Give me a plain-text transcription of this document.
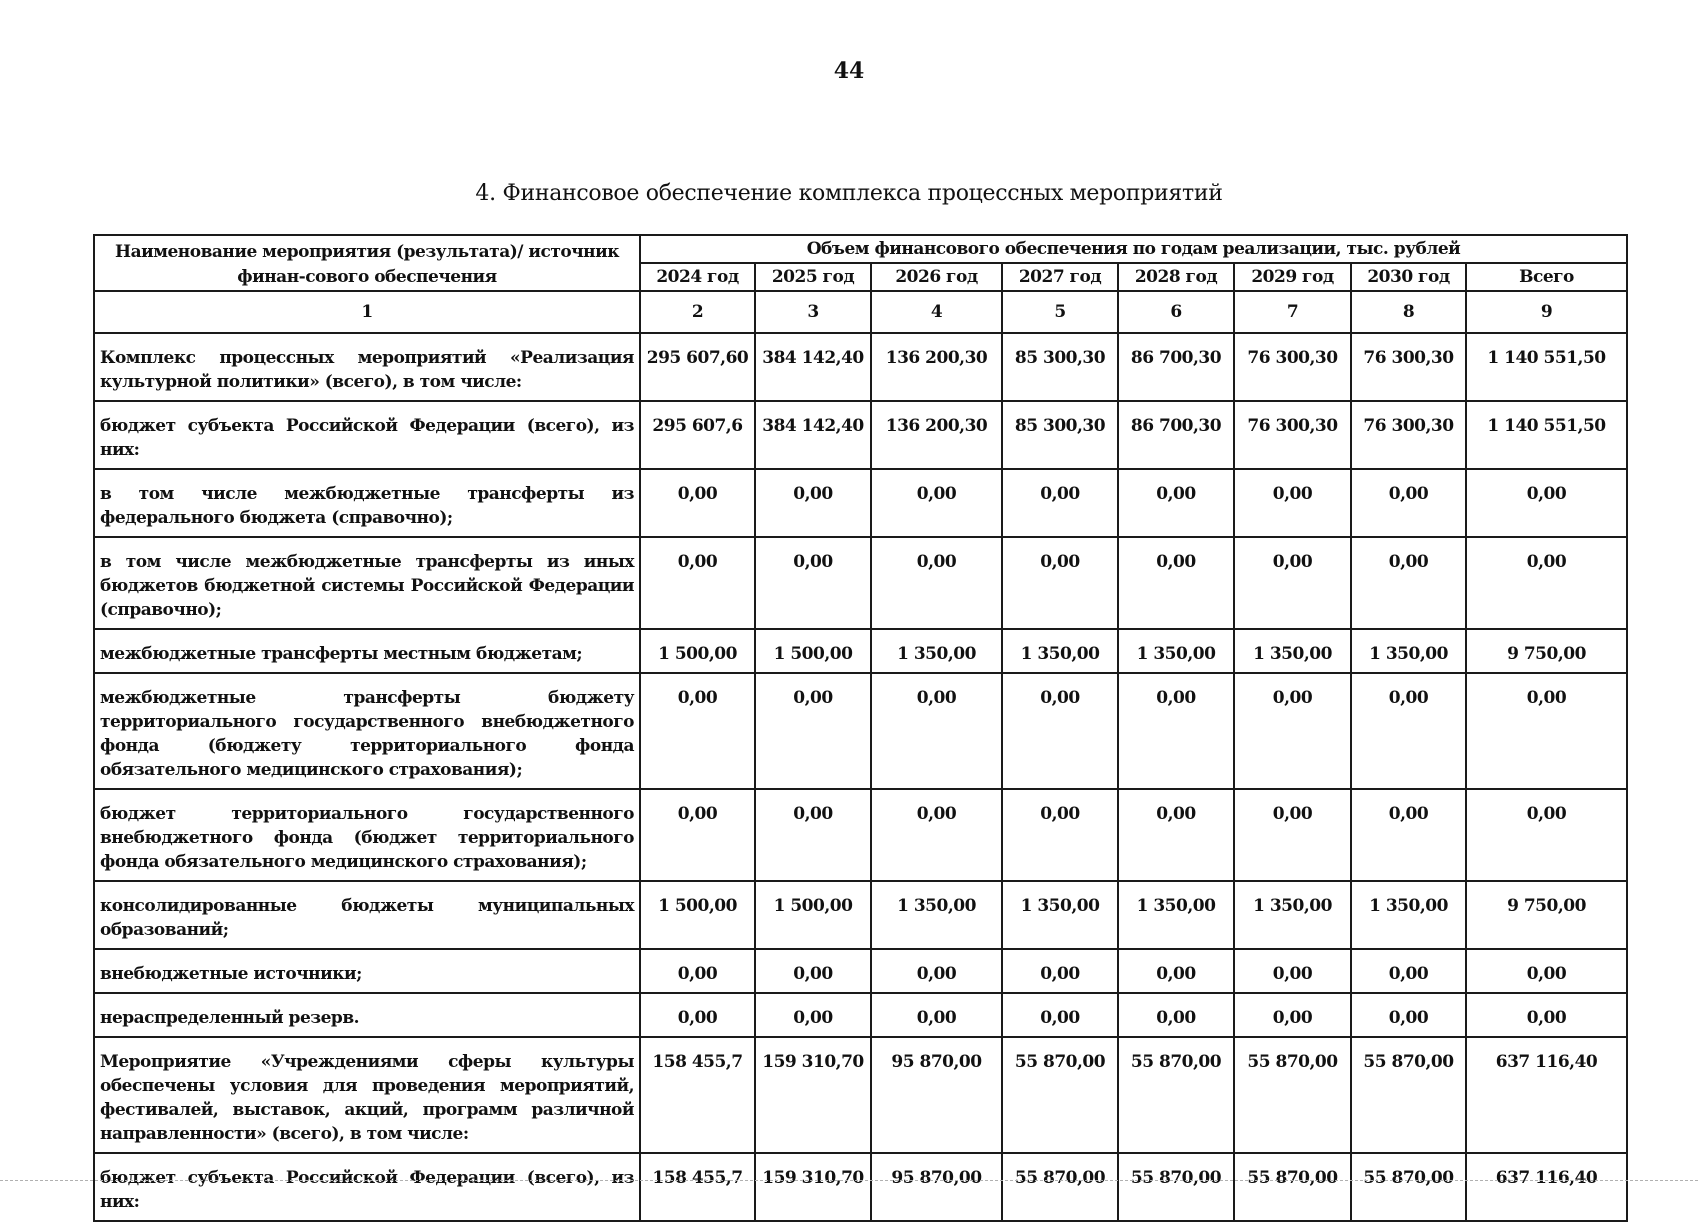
44
4. Финансовое обеспечение комплекса процессных мероприятий
Наименование мероприятия (результата)/ источник финан-сового обеспечения	Объем финансового обеспечения по годам реализации, тыс. рублей							
	2024 год	2025 год	2026 год	2027 год	2028 год	2029 год	2030 год	Всего
1	2	3	4	5	6	7	8	9
Комплекс процессных мероприятий «Реализация культурной политики» (всего), в том числе:	295 607,60	384 142,40	136 200,30	85 300,30	86 700,30	76 300,30	76 300,30	1 140 551,50
бюджет субъекта Российской Федерации (всего), из них:	295 607,6	384 142,40	136 200,30	85 300,30	86 700,30	76 300,30	76 300,30	1 140 551,50
в том числе межбюджетные трансферты из федерального бюджета (справочно);	0,00	0,00	0,00	0,00	0,00	0,00	0,00	0,00
в том числе межбюджетные трансферты из иных бюджетов бюджетной системы Российской Федерации (справочно);	0,00	0,00	0,00	0,00	0,00	0,00	0,00	0,00
межбюджетные трансферты местным бюджетам;	1 500,00	1 500,00	1 350,00	1 350,00	1 350,00	1 350,00	1 350,00	9 750,00
межбюджетные трансферты бюджету территориального государственного внебюджетного фонда (бюджету территориального фонда обязательного медицинского страхования);	0,00	0,00	0,00	0,00	0,00	0,00	0,00	0,00
бюджет территориального государственного внебюджетного фонда (бюджет территориального фонда обязательного медицинского страхования);	0,00	0,00	0,00	0,00	0,00	0,00	0,00	0,00
консолидированные бюджеты муниципальных образований;	1 500,00	1 500,00	1 350,00	1 350,00	1 350,00	1 350,00	1 350,00	9 750,00
внебюджетные источники;	0,00	0,00	0,00	0,00	0,00	0,00	0,00	0,00
нераспределенный резерв.	0,00	0,00	0,00	0,00	0,00	0,00	0,00	0,00
Мероприятие «Учреждениями сферы культуры обеспечены условия для проведения мероприятий, фестивалей, выставок, акций, программ различной направленности» (всего), в том числе:	158 455,7	159 310,70	95 870,00	55 870,00	55 870,00	55 870,00	55 870,00	637 116,40
бюджет субъекта Российской Федерации (всего), из них:	158 455,7	159 310,70	95 870,00	55 870,00	55 870,00	55 870,00	55 870,00	637 116,40
